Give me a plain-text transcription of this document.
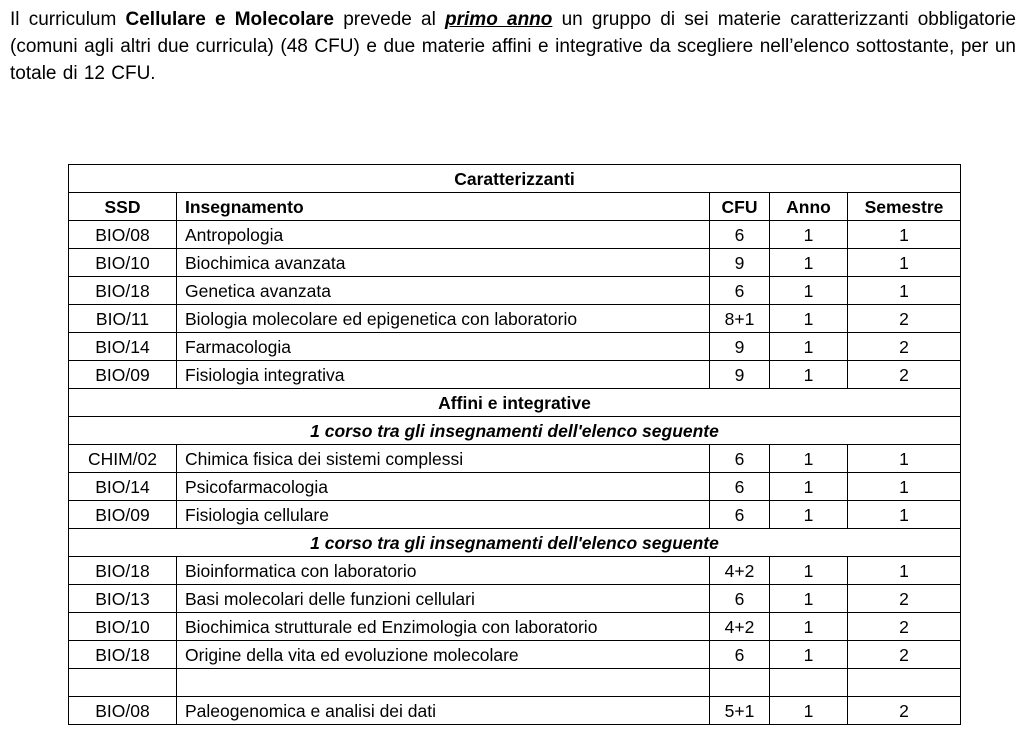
Il curriculum Cellulare e Molecolare prevede al primo anno un gruppo di sei materie caratterizzanti obbligatorie (comuni agli altri due curricula) (48 CFU) e due materie affini e integrative da scegliere nell’elenco sottostante, per un totale di 12 CFU.

Caratterizzanti				
SSD	Insegnamento	CFU	Anno	Semestre
BIO/08	Antropologia	6	1	1
BIO/10	Biochimica avanzata	9	1	1
BIO/18	Genetica avanzata	6	1	1
BIO/11	Biologia molecolare ed epigenetica con laboratorio	8+1	1	2
BIO/14	Farmacologia	9	1	2
BIO/09	Fisiologia integrativa	9	1	2
Affini e integrative				
1 corso tra gli insegnamenti dell'elenco seguente				
CHIM/02	Chimica fisica dei sistemi complessi	6	1	1
BIO/14	Psicofarmacologia	6	1	1
BIO/09	Fisiologia cellulare	6	1	1
1 corso tra gli insegnamenti dell'elenco seguente				
BIO/18	Bioinformatica con laboratorio	4+2	1	1
BIO/13	Basi molecolari delle funzioni cellulari	6	1	2
BIO/10	Biochimica strutturale ed Enzimologia con laboratorio	4+2	1	2
BIO/18	Origine della vita ed evoluzione molecolare	6	1	2

BIO/08	Paleogenomica e analisi dei dati	5+1	1	2
